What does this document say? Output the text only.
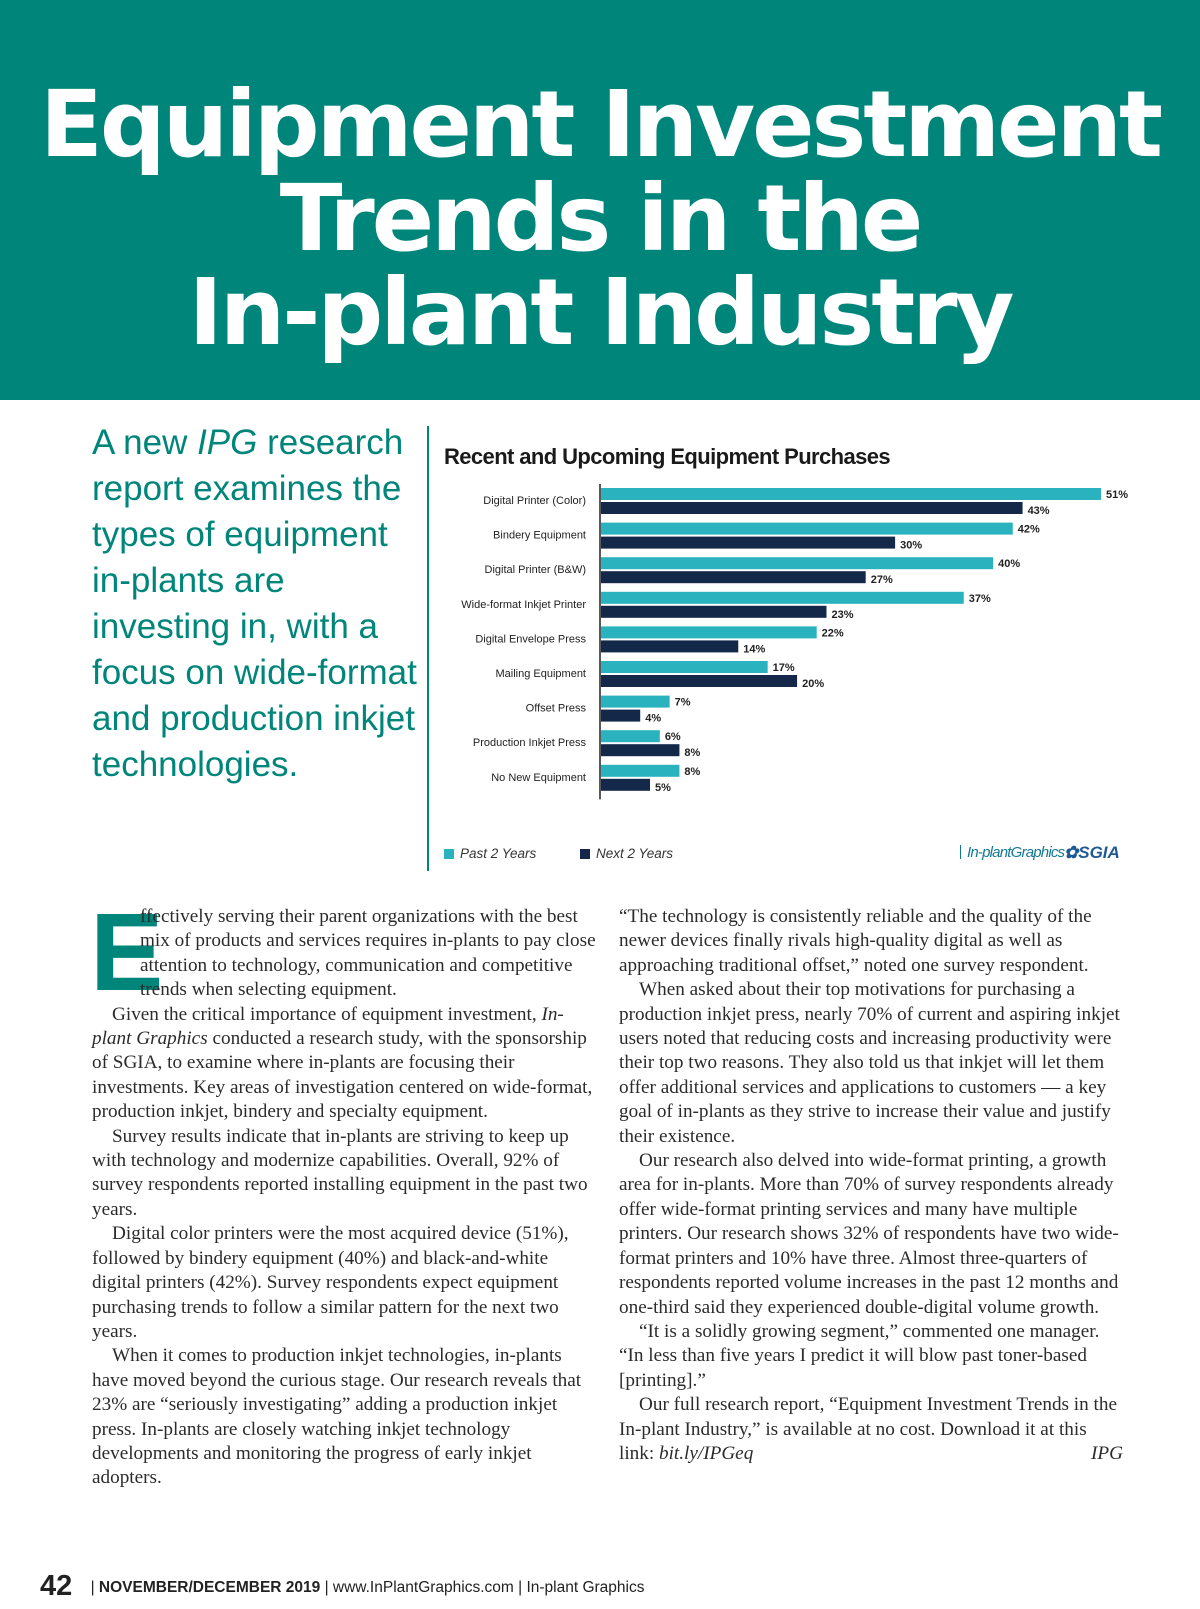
Equipment Investment
Trends in the
In-plant Industry
A new IPG research report examines the types of equipment in-plants are investing in, with a focus on wide-format and production inkjet technologies.
Digital Printer (Color)	51%
43%
Bindery Equipment	42%
30%
Digital Printer (B&W)	40%
27%
Wide-format Inkjet Printer	37%
23%
Digital Envelope Press	22%
14%
Mailing Equipment	17%
20%
Offset Press	7%
4%
Production Inkjet Press	6%
8%
No New Equipment	8%
5%
Recent and Upcoming Equipment Purchases
Past 2 Years	Next 2 Years	In-plantGraphics ✿SGIA

E
ffectively serving their parent organizations with the best mix of products and services requires in-plants to pay close attention to technology, communication and competitive trends when selecting equipment.

Given the critical importance of equipment investment, In-plant Graphics conducted a research study, with the sponsorship of SGIA, to examine where in-plants are focusing their investments. Key areas of investigation centered on wide-format, production inkjet, bindery and specialty equipment.

Survey results indicate that in-plants are striving to keep up with technology and modernize capabilities. Overall, 92% of survey respondents reported installing equipment in the past two years.

Digital color printers were the most acquired device (51%), followed by bindery equipment (40%) and black-and-white digital printers (42%). Survey respondents expect equipment purchasing trends to follow a similar pattern for the next two years.

When it comes to production inkjet technologies, in-plants have moved beyond the curious stage. Our research reveals that 23% are “seriously investigating” adding a production inkjet press. In-plants are closely watching inkjet technology developments and monitoring the progress of early inkjet adopters.

“The technology is consistently reliable and the quality of the newer devices finally rivals high-quality digital as well as approaching traditional offset,” noted one survey respondent.

When asked about their top motivations for purchasing a production inkjet press, nearly 70% of current and aspiring inkjet users noted that reducing costs and increasing productivity were their top two reasons. They also told us that inkjet will let them offer additional services and applications to customers — a key goal of in-plants as they strive to increase their value and justify their existence.

Our research also delved into wide-format printing, a growth area for in-plants. More than 70% of survey respondents already offer wide-format printing services and many have multiple printers. Our research shows 32% of respondents have two wide-format printers and 10% have three. Almost three-quarters of respondents reported volume increases in the past 12 months and one-third said they experienced double-digital volume growth.

“It is a solidly growing segment,” commented one manager. “In less than five years I predict it will blow past toner-based [printing].”

Our full research report, “Equipment Investment Trends in the In-plant Industry,” is available at no cost. Download it at this link: bit.ly/IPGeq	IPG

42 | NOVEMBER/DECEMBER 2019 | www.InPlantGraphics.com | In-plant Graphics
